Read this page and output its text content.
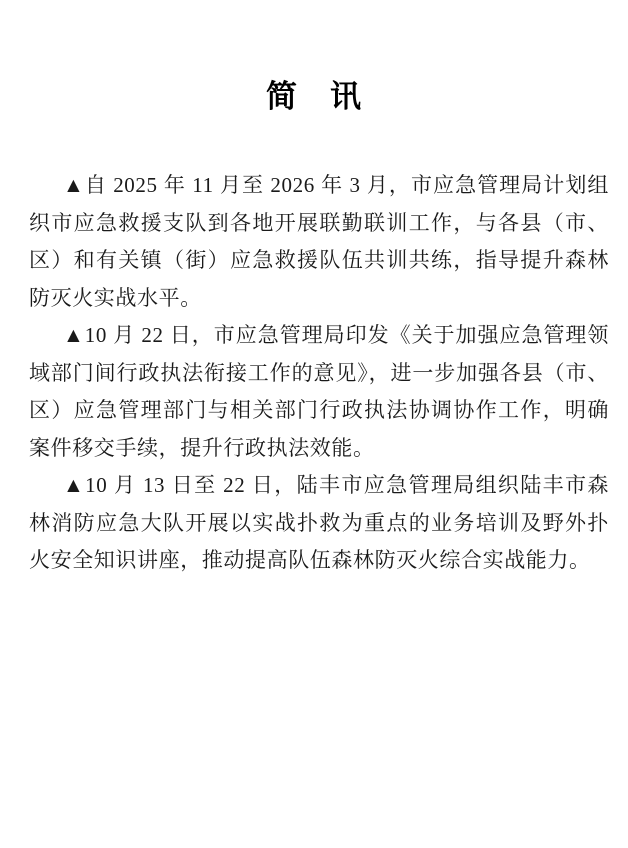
简　讯

▲自 2025 年 11 月至 2026 年 3 月，市应急管理局计划组织市应急救援支队到各地开展联勤联训工作，与各县（市、区）和有关镇（街）应急救援队伍共训共练，指导提升森林防灭火实战水平。

▲10 月 22 日，市应急管理局印发《关于加强应急管理领域部门间行政执法衔接工作的意见》，进一步加强各县（市、区）应急管理部门与相关部门行政执法协调协作工作，明确案件移交手续，提升行政执法效能。

▲10 月 13 日至 22 日，陆丰市应急管理局组织陆丰市森林消防应急大队开展以实战扑救为重点的业务培训及野外扑火安全知识讲座，推动提高队伍森林防灭火综合实战能力。
